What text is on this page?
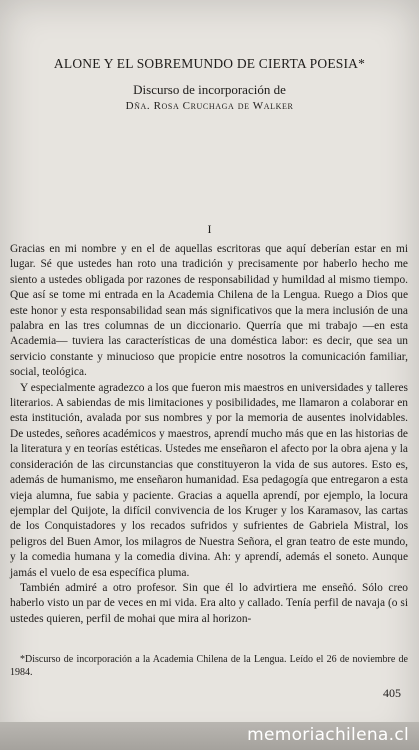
ALONE Y EL SOBREMUNDO DE CIERTA POESIA*
Discurso de incorporación de
Dña. Rosa Cruchaga de Walker
I

Gracias en mi nombre y en el de aquellas escritoras que aquí deberían estar en mi lugar. Sé que ustedes han roto una tradición y precisamente por haberlo hecho me siento a ustedes obligada por razones de responsabilidad y humildad al mismo tiempo. Que así se tome mi entrada en la Academia Chilena de la Lengua. Ruego a Dios que este honor y esta responsabilidad sean más significativos que la mera inclusión de una palabra en las tres columnas de un diccionario. Querría que mi trabajo —en esta Academia— tuviera las características de una doméstica labor: es decir, que sea un servicio constante y minucioso que propicie entre nosotros la comunicación familiar, social, teológica.

Y especialmente agradezco a los que fueron mis maestros en universidades y talleres literarios. A sabiendas de mis limitaciones y posibilidades, me llamaron a colaborar en esta institución, avalada por sus nombres y por la memoria de ausentes inolvidables. De ustedes, señores académicos y maestros, aprendí mucho más que en las historias de la literatura y en teorías estéticas. Ustedes me enseñaron el afecto por la obra ajena y la consideración de las circunstancias que constituyeron la vida de sus autores. Esto es, además de humanismo, me enseñaron humanidad. Esa pedagogía que entregaron a esta vieja alumna, fue sabia y paciente. Gracias a aquella aprendí, por ejemplo, la locura ejemplar del Quijote, la difícil convivencia de los Kruger y los Karamasov, las cartas de los Conquistadores y los recados sufridos y sufrientes de Gabriela Mistral, los peligros del Buen Amor, los milagros de Nuestra Señora, el gran teatro de este mundo, y la comedia humana y la comedia divina. Ah: y aprendí, además el soneto. Aunque jamás el vuelo de esa específica pluma.

También admiré a otro profesor. Sin que él lo advirtiera me enseñó. Sólo creo haberlo visto un par de veces en mi vida. Era alto y callado. Tenía perfil de navaja (o si ustedes quieren, perfil de mohai que mira al horizon-

*Discurso de incorporación a la Academia Chilena de la Lengua. Leído el 26 de noviembre de 1984.
405
memoriachilena.cl
